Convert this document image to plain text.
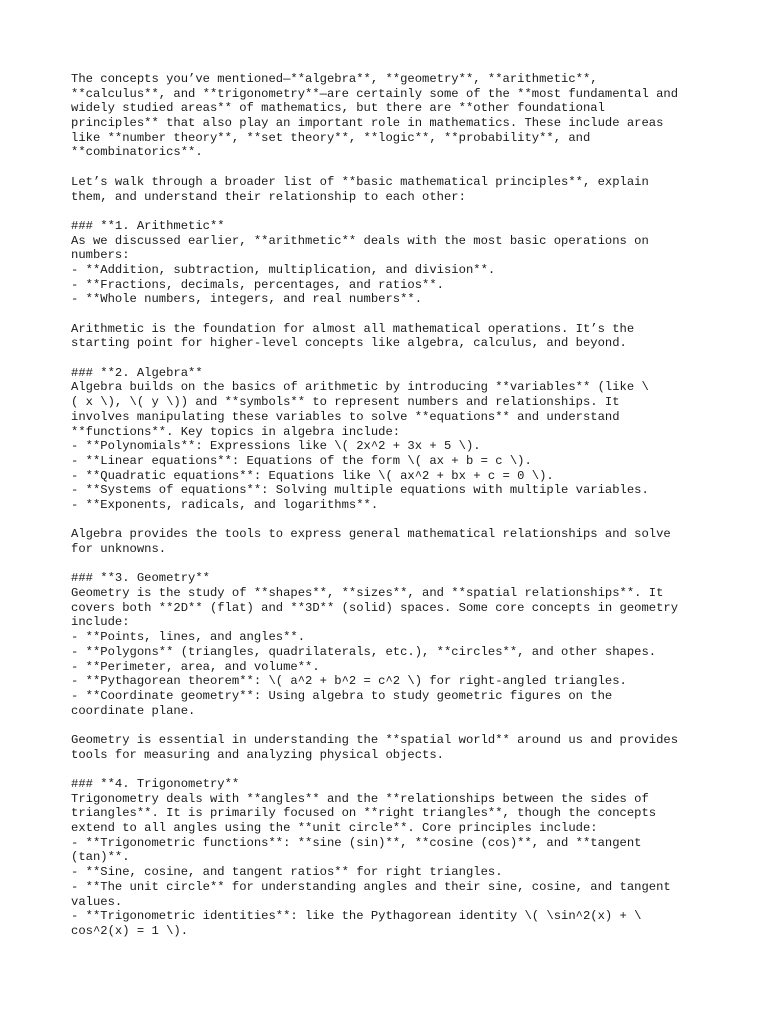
The concepts you’ve mentioned—**algebra**, **geometry**, **arithmetic**,
**calculus**, and **trigonometry**—are certainly some of the **most fundamental and
widely studied areas** of mathematics, but there are **other foundational
principles** that also play an important role in mathematics. These include areas
like **number theory**, **set theory**, **logic**, **probability**, and
**combinatorics**.
Let’s walk through a broader list of **basic mathematical principles**, explain
them, and understand their relationship to each other:
### **1. Arithmetic**
As we discussed earlier, **arithmetic** deals with the most basic operations on
numbers:
- **Addition, subtraction, multiplication, and division**.
- **Fractions, decimals, percentages, and ratios**.
- **Whole numbers, integers, and real numbers**.
Arithmetic is the foundation for almost all mathematical operations. It’s the
starting point for higher-level concepts like algebra, calculus, and beyond.
### **2. Algebra**
Algebra builds on the basics of arithmetic by introducing **variables** (like \
( x \), \( y \)) and **symbols** to represent numbers and relationships. It
involves manipulating these variables to solve **equations** and understand
**functions**. Key topics in algebra include:
- **Polynomials**: Expressions like \( 2x^2 + 3x + 5 \).
- **Linear equations**: Equations of the form \( ax + b = c \).
- **Quadratic equations**: Equations like \( ax^2 + bx + c = 0 \).
- **Systems of equations**: Solving multiple equations with multiple variables.
- **Exponents, radicals, and logarithms**.
Algebra provides the tools to express general mathematical relationships and solve
for unknowns.
### **3. Geometry**
Geometry is the study of **shapes**, **sizes**, and **spatial relationships**. It
covers both **2D** (flat) and **3D** (solid) spaces. Some core concepts in geometry
include:
- **Points, lines, and angles**.
- **Polygons** (triangles, quadrilaterals, etc.), **circles**, and other shapes.
- **Perimeter, area, and volume**.
- **Pythagorean theorem**: \( a^2 + b^2 = c^2 \) for right-angled triangles.
- **Coordinate geometry**: Using algebra to study geometric figures on the
coordinate plane.
Geometry is essential in understanding the **spatial world** around us and provides
tools for measuring and analyzing physical objects.
### **4. Trigonometry**
Trigonometry deals with **angles** and the **relationships between the sides of
triangles**. It is primarily focused on **right triangles**, though the concepts
extend to all angles using the **unit circle**. Core principles include:
- **Trigonometric functions**: **sine (sin)**, **cosine (cos)**, and **tangent
(tan)**.
- **Sine, cosine, and tangent ratios** for right triangles.
- **The unit circle** for understanding angles and their sine, cosine, and tangent
values.
- **Trigonometric identities**: like the Pythagorean identity \( \sin^2(x) + \
cos^2(x) = 1 \).
